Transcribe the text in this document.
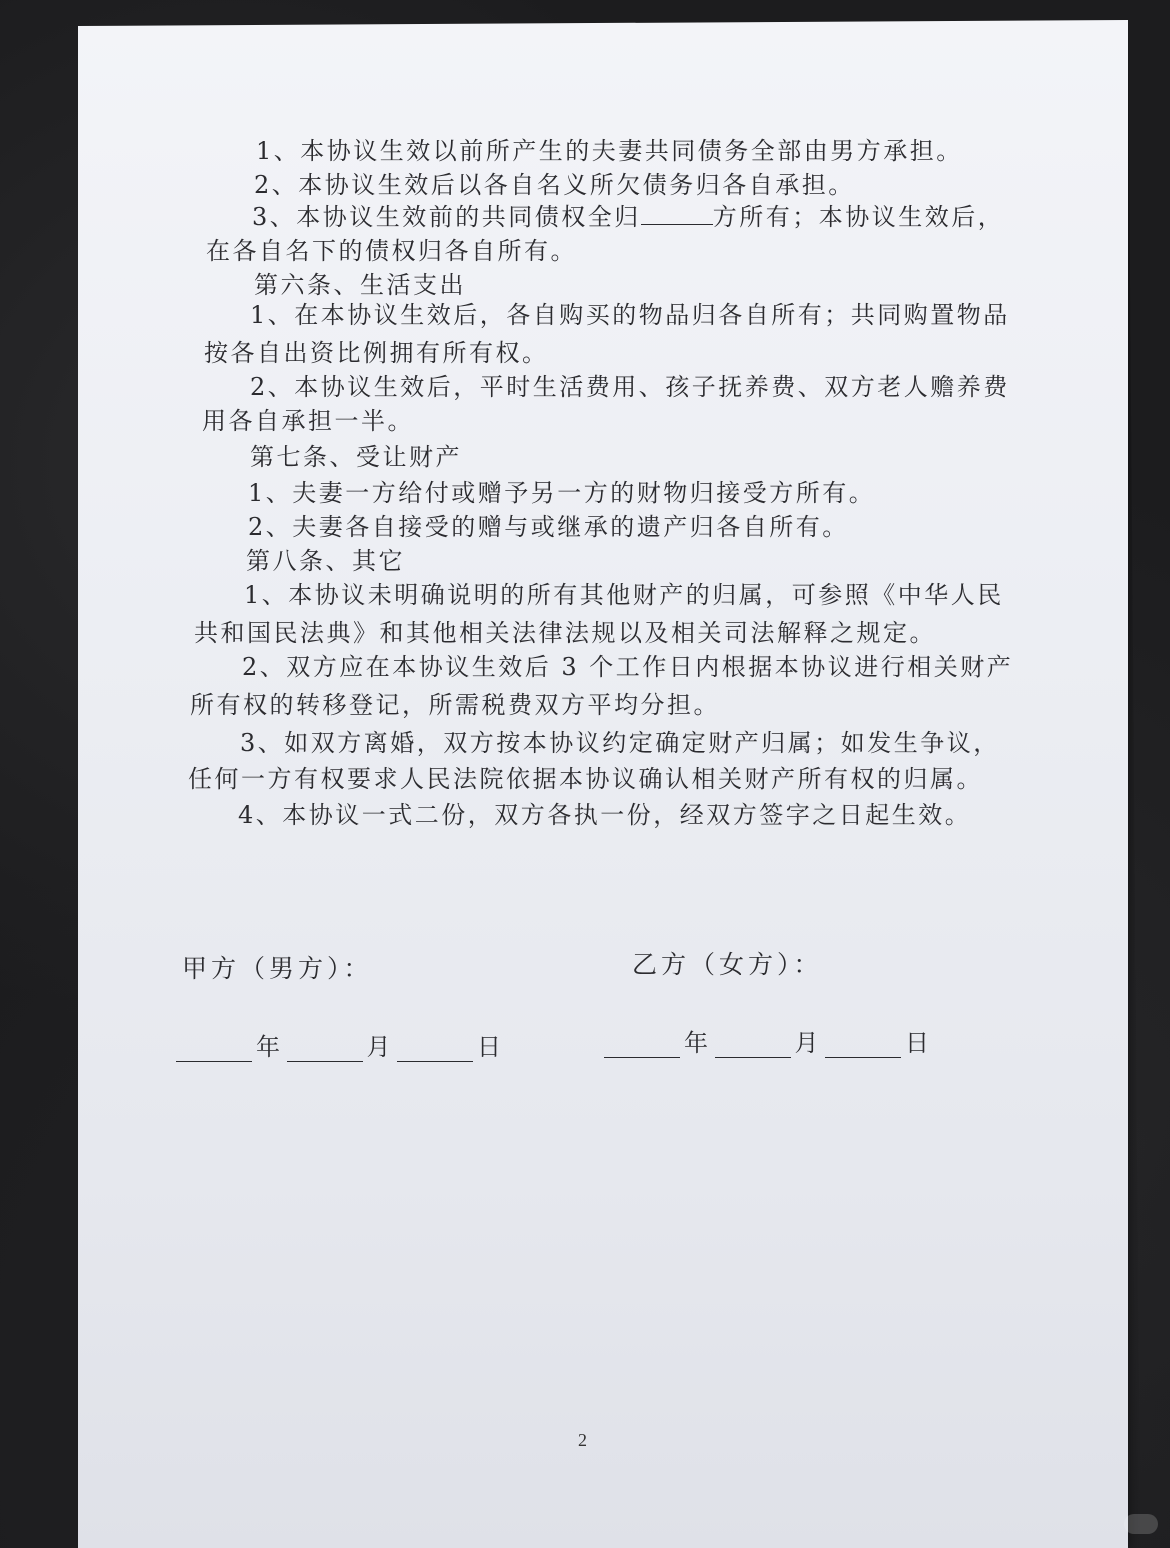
1、本协议生效以前所产生的夫妻共同债务全部由男方承担。
2、本协议生效后以各自名义所欠债务归各自承担。
3、本协议生效前的共同债权全归	方所有；本协议生效后，
在各自名下的债权归各自所有。
第六条、生活支出
1、在本协议生效后，各自购买的物品归各自所有；共同购置物品
按各自出资比例拥有所有权。
2、本协议生效后，平时生活费用、孩子抚养费、双方老人赡养费
用各自承担一半。
第七条、受让财产
1、夫妻一方给付或赠予另一方的财物归接受方所有。
2、夫妻各自接受的赠与或继承的遗产归各自所有。
第八条、其它
1、本协议未明确说明的所有其他财产的归属，可参照《中华人民
共和国民法典》和其他相关法律法规以及相关司法解释之规定。
2、双方应在本协议生效后 3 个工作日内根据本协议进行相关财产
所有权的转移登记，所需税费双方平均分担。
3、如双方离婚，双方按本协议约定确定财产归属；如发生争议，
任何一方有权要求人民法院依据本协议确认相关财产所有权的归属。
4、本协议一式二份，双方各执一份，经双方签字之日起生效。
甲方（男方）：	乙方（女方）：
年	月	日	年	月	日
2
